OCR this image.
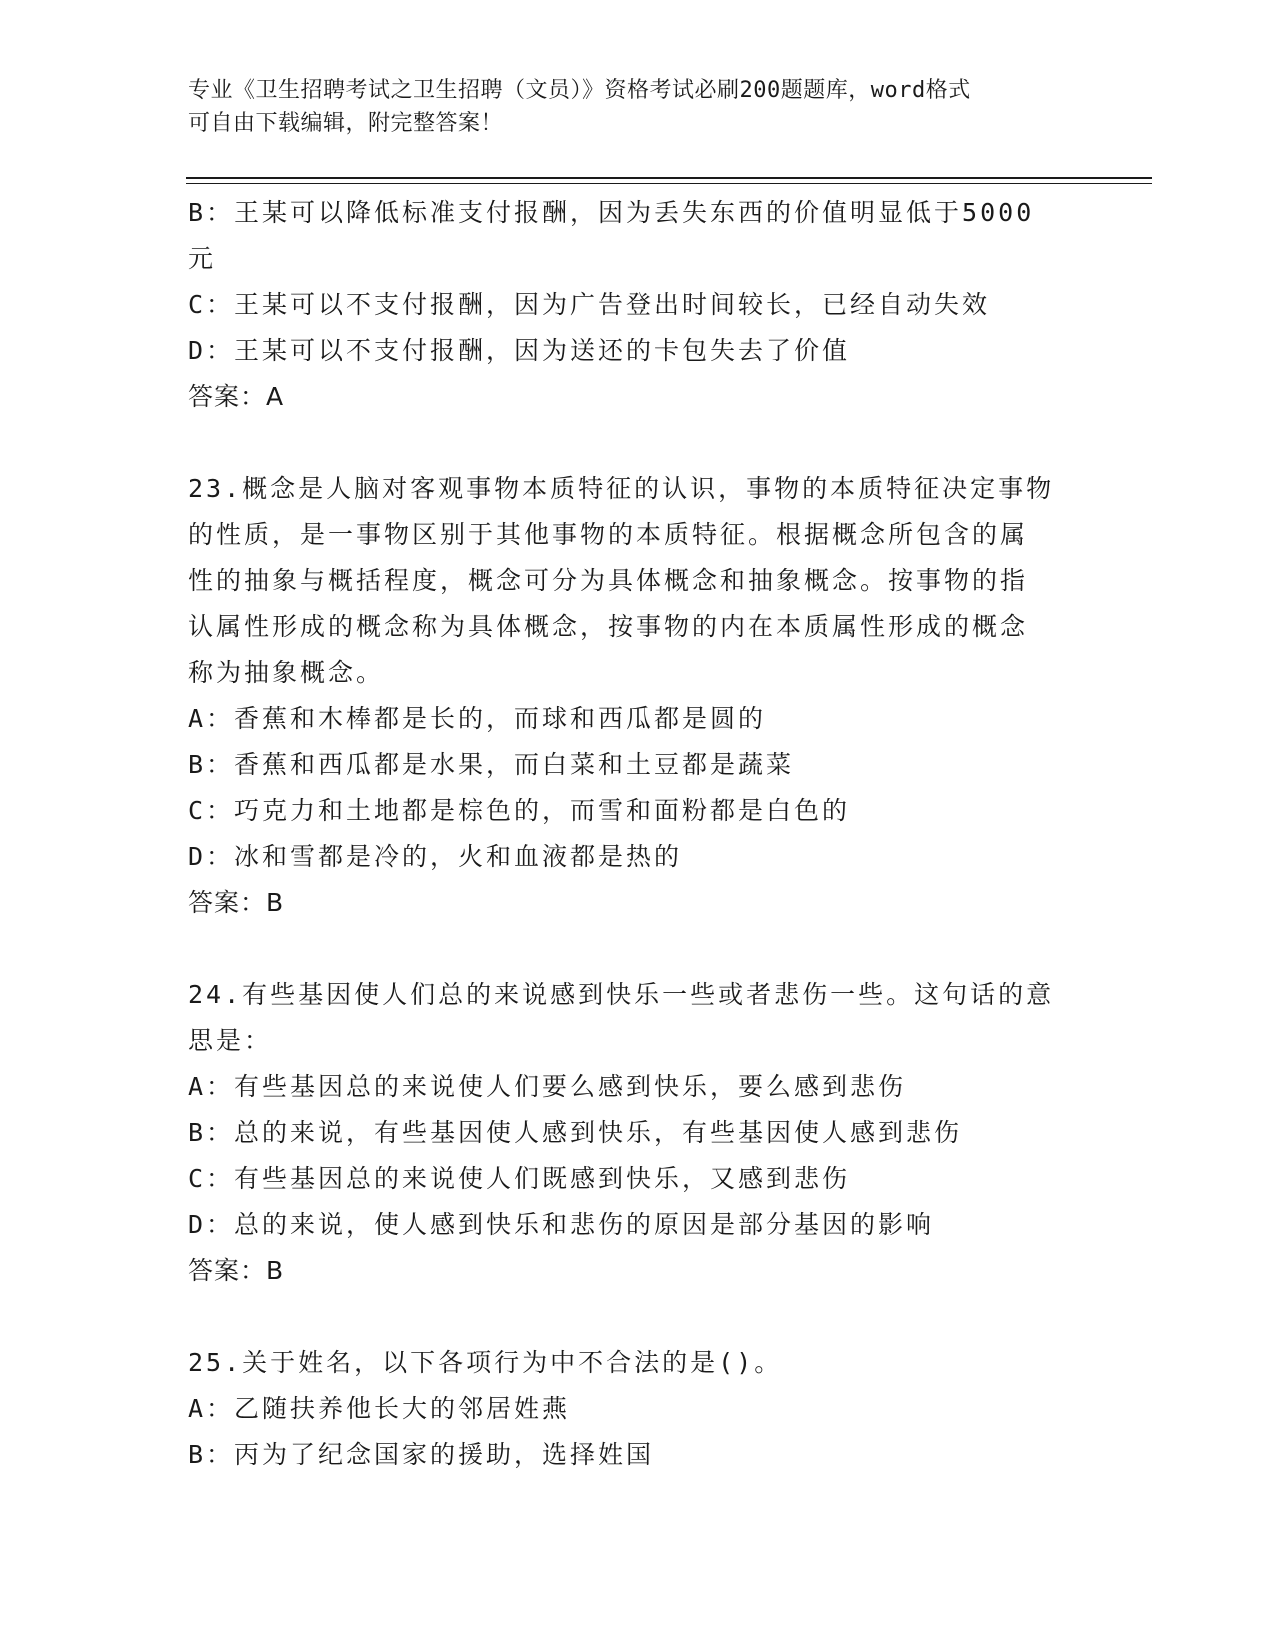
专业《卫生招聘考试之卫生招聘（文员）》资格考试必刷200题题库，word格式
可自由下载编辑，附完整答案！
B：王某可以降低标准支付报酬，因为丢失东西的价值明显低于5000
元
C：王某可以不支付报酬，因为广告登出时间较长，已经自动失效
D：王某可以不支付报酬，因为送还的卡包失去了价值
答案：A
23.概念是人脑对客观事物本质特征的认识，事物的本质特征决定事物
的性质，是一事物区别于其他事物的本质特征。根据概念所包含的属
性的抽象与概括程度，概念可分为具体概念和抽象概念。按事物的指
认属性形成的概念称为具体概念，按事物的内在本质属性形成的概念
称为抽象概念。
A：香蕉和木棒都是长的，而球和西瓜都是圆的
B：香蕉和西瓜都是水果，而白菜和土豆都是蔬菜
C：巧克力和土地都是棕色的，而雪和面粉都是白色的
D：冰和雪都是冷的，火和血液都是热的
答案：B
24.有些基因使人们总的来说感到快乐一些或者悲伤一些。这句话的意
思是：
A：有些基因总的来说使人们要么感到快乐，要么感到悲伤
B：总的来说，有些基因使人感到快乐，有些基因使人感到悲伤
C：有些基因总的来说使人们既感到快乐，又感到悲伤
D：总的来说，使人感到快乐和悲伤的原因是部分基因的影响
答案：B
25.关于姓名，以下各项行为中不合法的是()。
A：乙随扶养他长大的邻居姓燕
B：丙为了纪念国家的援助，选择姓国
